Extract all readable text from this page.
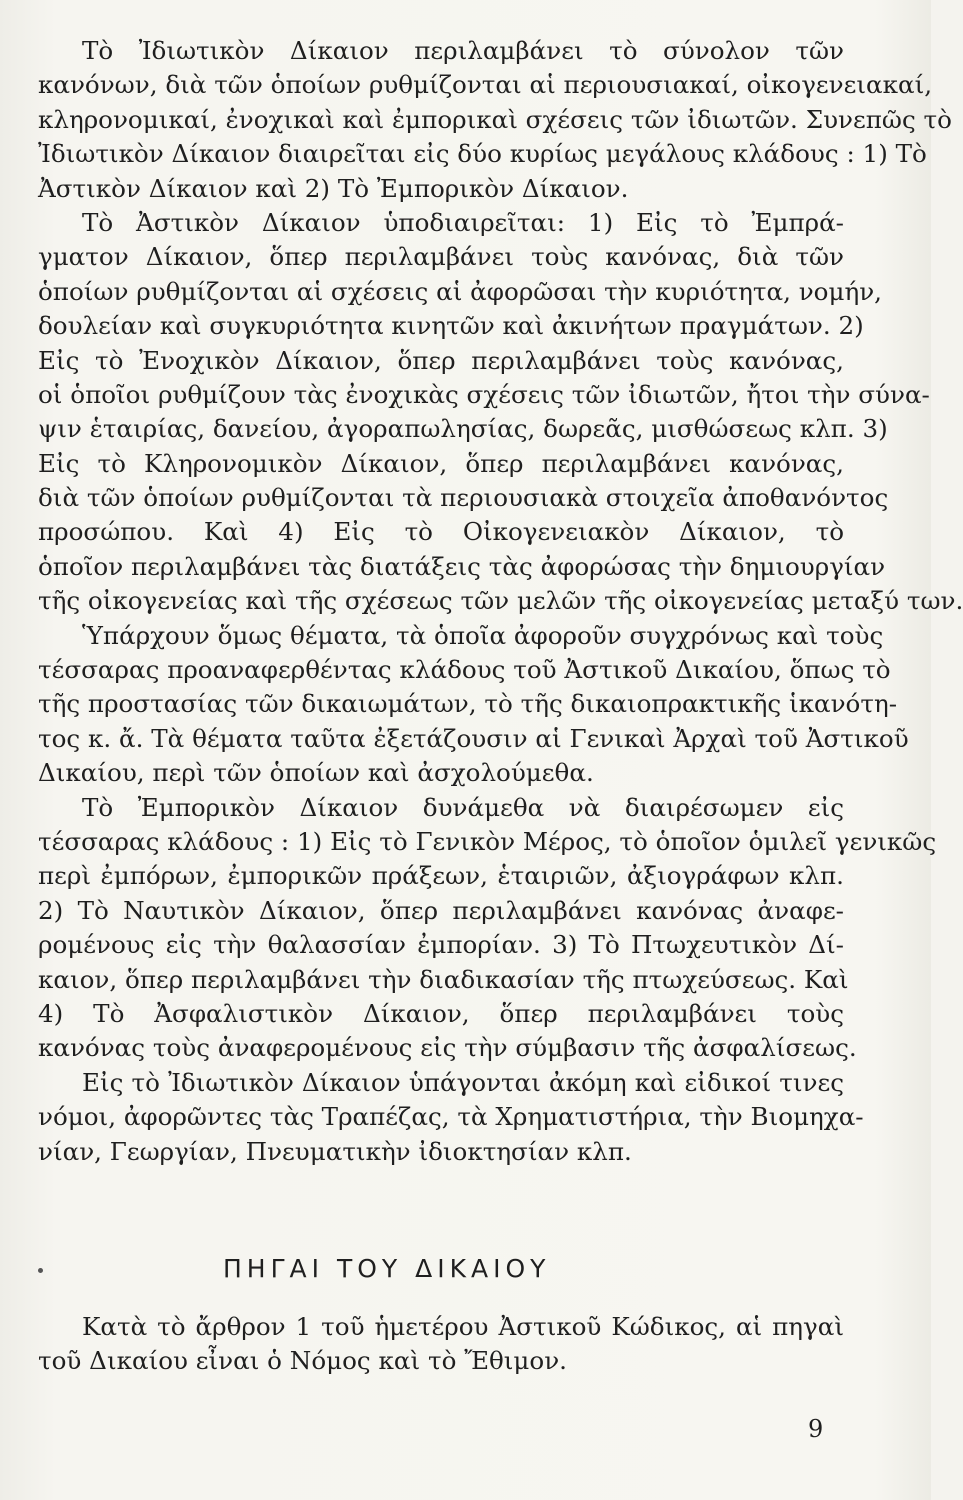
Τὸ Ἰδιωτικὸν Δίκαιον περιλαμβάνει τὸ σύνολον τῶν
κανόνων, διὰ τῶν ὁποίων ρυθμίζονται αἱ περιουσιακαί, οἰκογενειακαί,
κληρονομικαί, ἐνοχικαὶ καὶ ἐμπορικαὶ σχέσεις τῶν ἰδιωτῶν. Συνεπῶς τὸ
Ἰδιωτικὸν Δίκαιον διαιρεῖται εἰς δύο κυρίως μεγάλους κλάδους : 1) Τὸ
Ἀστικὸν Δίκαιον καὶ 2) Τὸ Ἐμπορικὸν Δίκαιον.
Τὸ Ἀστικὸν Δίκαιον ὑποδιαιρεῖται: 1) Εἰς τὸ Ἐμπρά-
γματον Δίκαιον, ὅπερ περιλαμβάνει τοὺς κανόνας, διὰ τῶν
ὁποίων ρυθμίζονται αἱ σχέσεις αἱ ἀφορῶσαι τὴν κυριότητα, νομήν,
δουλείαν καὶ συγκυριότητα κινητῶν καὶ ἀκινήτων πραγμάτων. 2)
Εἰς τὸ Ἐνοχικὸν Δίκαιον, ὅπερ περιλαμβάνει τοὺς κανόνας,
οἱ ὁποῖοι ρυθμίζουν τὰς ἐνοχικὰς σχέσεις τῶν ἰδιωτῶν, ἤτοι τὴν σύνα-
ψιν ἑταιρίας, δανείου, ἀγοραπωλησίας, δωρεᾶς, μισθώσεως κλπ. 3)
Εἰς τὸ Κληρονομικὸν Δίκαιον, ὅπερ περιλαμβάνει κανόνας,
διὰ τῶν ὁποίων ρυθμίζονται τὰ περιουσιακὰ στοιχεῖα ἀποθανόντος
προσώπου. Καὶ 4) Εἰς τὸ Οἰκογενειακὸν Δίκαιον, τὸ
ὁποῖον περιλαμβάνει τὰς διατάξεις τὰς ἀφορώσας τὴν δημιουργίαν
τῆς οἰκογενείας καὶ τῆς σχέσεως τῶν μελῶν τῆς οἰκογενείας μεταξύ των.
Ὑπάρχουν ὅμως θέματα, τὰ ὁποῖα ἀφοροῦν συγχρόνως καὶ τοὺς
τέσσαρας προαναφερθέντας κλάδους τοῦ Ἀστικοῦ Δικαίου, ὅπως τὸ
τῆς προστασίας τῶν δικαιωμάτων, τὸ τῆς δικαιοπρακτικῆς ἱκανότη-
τος κ. ἄ. Τὰ θέματα ταῦτα ἐξετάζουσιν αἱ Γενικαὶ Ἀρχαὶ τοῦ Ἀστικοῦ
Δικαίου, περὶ τῶν ὁποίων καὶ ἀσχολούμεθα.
Τὸ Ἐμπορικὸν Δίκαιον δυνάμεθα νὰ διαιρέσωμεν εἰς
τέσσαρας κλάδους : 1) Εἰς τὸ Γενικὸν Μέρος, τὸ ὁποῖον ὁμιλεῖ γενικῶς
περὶ ἐμπόρων, ἐμπορικῶν πράξεων, ἑταιριῶν, ἀξιογράφων κλπ.
2) Τὸ Ναυτικὸν Δίκαιον, ὅπερ περιλαμβάνει κανόνας ἀναφε-
ρομένους εἰς τὴν θαλασσίαν ἐμπορίαν. 3) Τὸ Πτωχευτικὸν Δί-
καιον, ὅπερ περιλαμβάνει τὴν διαδικασίαν τῆς πτωχεύσεως. Καὶ
4) Τὸ Ἀσφαλιστικὸν Δίκαιον, ὅπερ περιλαμβάνει τοὺς
κανόνας τοὺς ἀναφερομένους εἰς τὴν σύμβασιν τῆς ἀσφαλίσεως.
Εἰς τὸ Ἰδιωτικὸν Δίκαιον ὑπάγονται ἀκόμη καὶ εἰδικοί τινες
νόμοι, ἀφορῶντες τὰς Τραπέζας, τὰ Χρηματιστήρια, τὴν Βιομηχα-
νίαν, Γεωργίαν, Πνευματικὴν ἰδιοκτησίαν κλπ.
ΠΗΓΑΙ ΤΟΥ ΔΙΚΑΙΟΥ
Κατὰ τὸ ἄρθρον 1 τοῦ ἡμετέρου Ἀστικοῦ Κώδικος, αἱ πηγαὶ
τοῦ Δικαίου εἶναι ὁ Νόμος καὶ τὸ Ἔθιμον.
9
